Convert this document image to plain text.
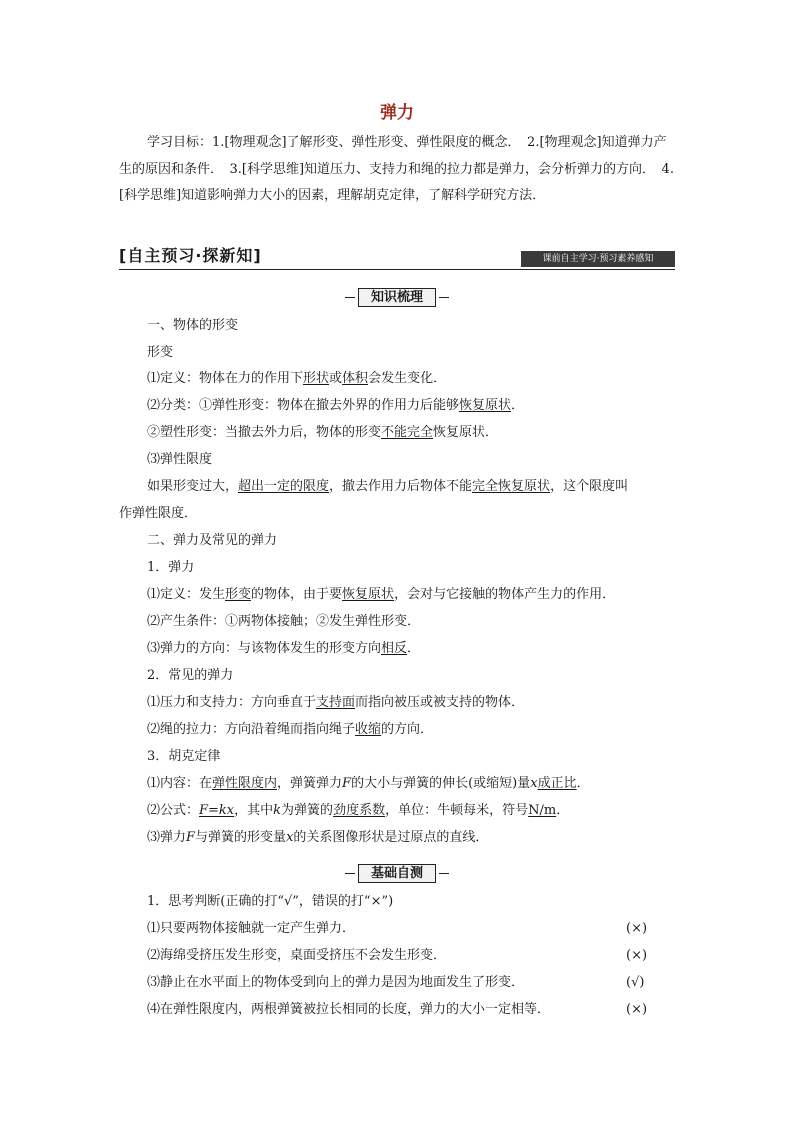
弹力
学习目标：1.[物理观念]了解形变、弹性形变、弹性限度的概念．　2.[物理观念]知道弹力产生的原因和条件．　3.[科学思维]知道压力、支持力和绳的拉力都是弹力，会分析弹力的方向．　4.[科学思维]知道影响弹力大小的因素，理解胡克定律，了解科学研究方法．
[自主预习·探新知]	课前自主学习·预习素养感知
知识梳理
一、物体的形变
形变
⑴定义：物体在力的作用下形状或体积会发生变化．
⑵分类：①弹性形变：物体在撤去外界的作用力后能够恢复原状．
②塑性形变：当撤去外力后，物体的形变不能完全恢复原状．
⑶弹性限度
如果形变过大，超出一定的限度，撤去作用力后物体不能完全恢复原状，这个限度叫
作弹性限度．
二、弹力及常见的弹力
1．弹力
⑴定义：发生形变的物体，由于要恢复原状，会对与它接触的物体产生力的作用．
⑵产生条件：①两物体接触；②发生弹性形变．
⑶弹力的方向：与该物体发生的形变方向相反．
2．常见的弹力
⑴压力和支持力：方向垂直于支持面而指向被压或被支持的物体．
⑵绳的拉力：方向沿着绳而指向绳子收缩的方向．
3．胡克定律
⑴内容：在弹性限度内，弹簧弹力F的大小与弹簧的伸长(或缩短)量x成正比．
⑵公式：F=kx，其中k为弹簧的劲度系数，单位：牛顿每米，符号N/m．
⑶弹力F与弹簧的形变量x的关系图像形状是过原点的直线．
基础自测
1．思考判断(正确的打“√”，错误的打“×”)
⑴只要两物体接触就一定产生弹力．	(×)
⑵海绵受挤压发生形变，桌面受挤压不会发生形变．	(×)
⑶静止在水平面上的物体受到向上的弹力是因为地面发生了形变．	(√)
⑷在弹性限度内，两根弹簧被拉长相同的长度，弹力的大小一定相等．	(×)
